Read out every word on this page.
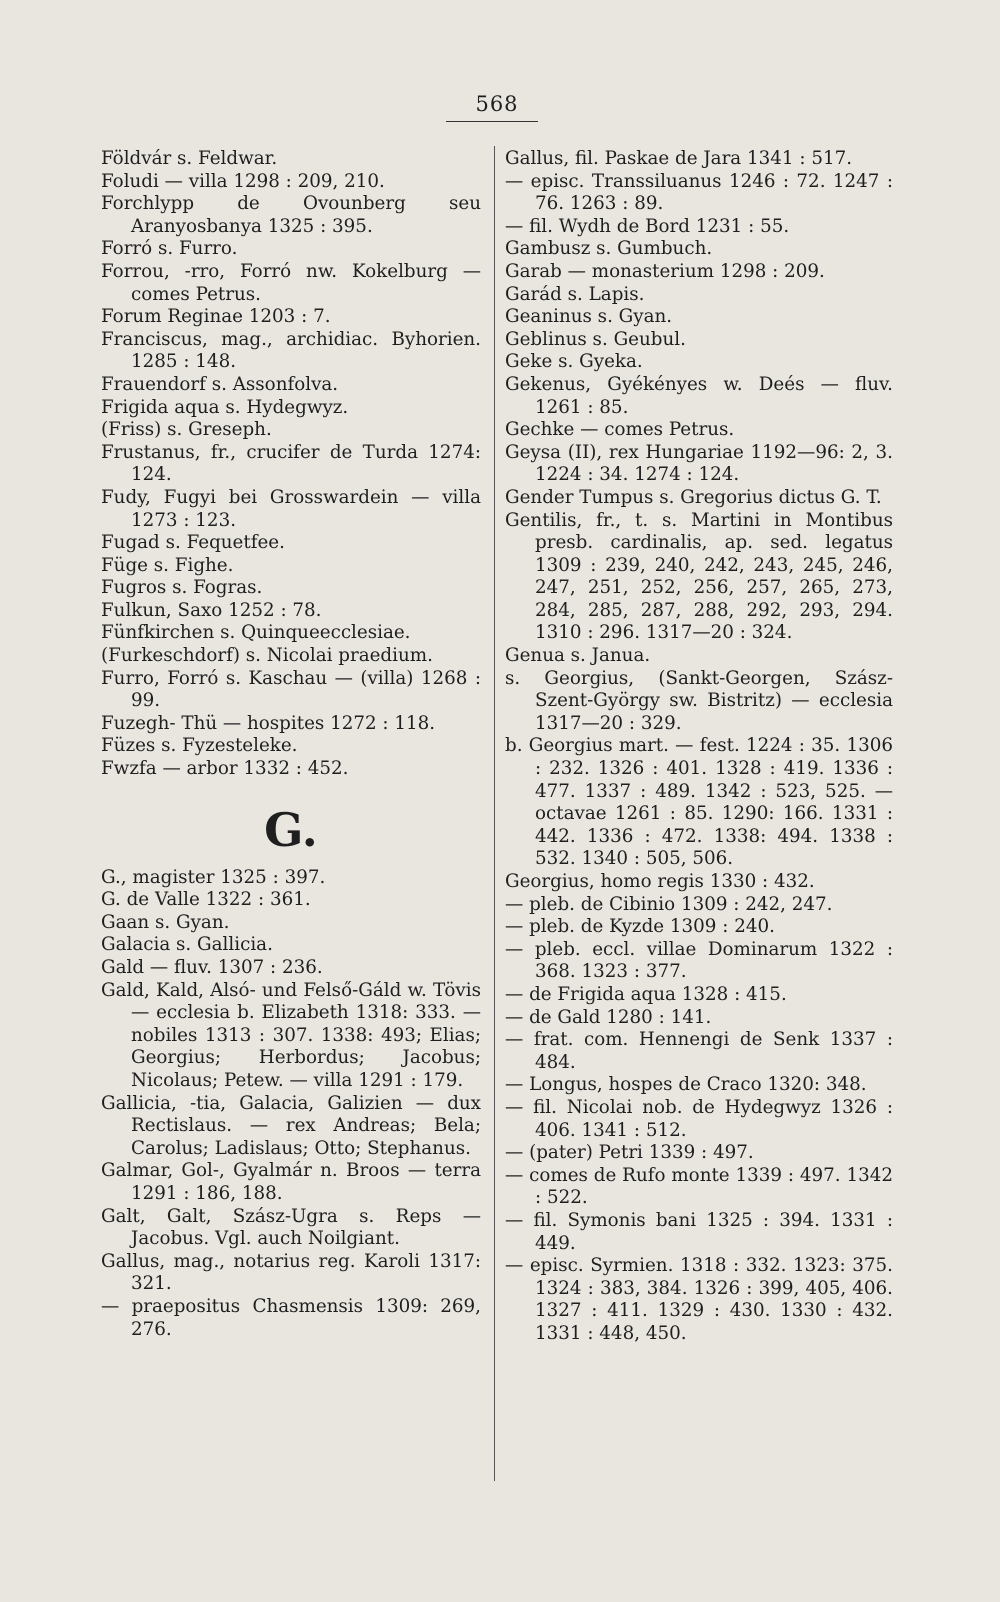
568
Földvár s. Feldwar.
Foludi — villa 1298 : 209, 210.
Forchlypp de Ovounberg seu Aranyosbanya 1325 : 395.
Forró s. Furro.
Forrou, -rro, Forró nw. Kokelburg — comes Petrus.
Forum Reginae 1203 : 7.
Franciscus, mag., archidiac. Byhorien. 1285 : 148.
Frauendorf s. Assonfolva.
Frigida aqua s. Hydegwyz.
(Friss) s. Greseph.
Frustanus, fr., crucifer de Turda 1274: 124.
Fudy, Fugyi bei Grosswardein — villa 1273 : 123.
Fugad s. Fequetfee.
Füge s. Fighe.
Fugros s. Fogras.
Fulkun, Saxo 1252 : 78.
Fünfkirchen s. Quinqueecclesiae.
(Furkeschdorf) s. Nicolai praedium.
Furro, Forró s. Kaschau — (villa) 1268 : 99.
Fuzegh- Thü — hospites 1272 : 118.
Füzes s. Fyzesteleke.
Fwzfa — arbor 1332 : 452.
G.
G., magister 1325 : 397.
G. de Valle 1322 : 361.
Gaan s. Gyan.
Galacia s. Gallicia.
Gald — fluv. 1307 : 236.
Gald, Kald, Alsó- und Felső-Gáld w. Tövis — ecclesia b. Elizabeth 1318: 333. — nobiles 1313 : 307. 1338: 493; Elias; Georgius; Herbordus; Jacobus; Nicolaus; Petew. — villa 1291 : 179.
Gallicia, -tia, Galacia, Galizien — dux Rectislaus. — rex Andreas; Bela; Carolus; Ladislaus; Otto; Stephanus.
Galmar, Gol-, Gyalmár n. Broos — terra 1291 : 186, 188.
Galt, Galt, Szász-Ugra s. Reps — Jacobus. Vgl. auch Noilgiant.
Gallus, mag., notarius reg. Karoli 1317: 321.
— praepositus Chasmensis 1309: 269, 276.
Gallus, fil. Paskae de Jara 1341 : 517.
— episc. Transsiluanus 1246 : 72. 1247 : 76. 1263 : 89.
— fil. Wydh de Bord 1231 : 55.
Gambusz s. Gumbuch.
Garab — monasterium 1298 : 209.
Garád s. Lapis.
Geaninus s. Gyan.
Geblinus s. Geubul.
Geke s. Gyeka.
Gekenus, Gyékényes w. Deés — fluv. 1261 : 85.
Gechke — comes Petrus.
Geysa (II), rex Hungariae 1192—96: 2, 3. 1224 : 34. 1274 : 124.
Gender Tumpus s. Gregorius dictus G. T.
Gentilis, fr., t. s. Martini in Montibus presb. cardinalis, ap. sed. legatus 1309 : 239, 240, 242, 243, 245, 246, 247, 251, 252, 256, 257, 265, 273, 284, 285, 287, 288, 292, 293, 294. 1310 : 296. 1317—20 : 324.
Genua s. Janua.
s. Georgius, (Sankt-Georgen, Szász-Szent-György sw. Bistritz) — ecclesia 1317—20 : 329.
b. Georgius mart. — fest. 1224 : 35. 1306 : 232. 1326 : 401. 1328 : 419. 1336 : 477. 1337 : 489. 1342 : 523, 525. — octavae 1261 : 85. 1290: 166. 1331 : 442. 1336 : 472. 1338: 494. 1338 : 532. 1340 : 505, 506.
Georgius, homo regis 1330 : 432.
— pleb. de Cibinio 1309 : 242, 247.
— pleb. de Kyzde 1309 : 240.
— pleb. eccl. villae Dominarum 1322 : 368. 1323 : 377.
— de Frigida aqua 1328 : 415.
— de Gald 1280 : 141.
— frat. com. Hennengi de Senk 1337 : 484.
— Longus, hospes de Craco 1320: 348.
— fil. Nicolai nob. de Hydegwyz 1326 : 406. 1341 : 512.
— (pater) Petri 1339 : 497.
— comes de Rufo monte 1339 : 497. 1342 : 522.
— fil. Symonis bani 1325 : 394. 1331 : 449.
— episc. Syrmien. 1318 : 332. 1323: 375. 1324 : 383, 384. 1326 : 399, 405, 406. 1327 : 411. 1329 : 430. 1330 : 432. 1331 : 448, 450.
